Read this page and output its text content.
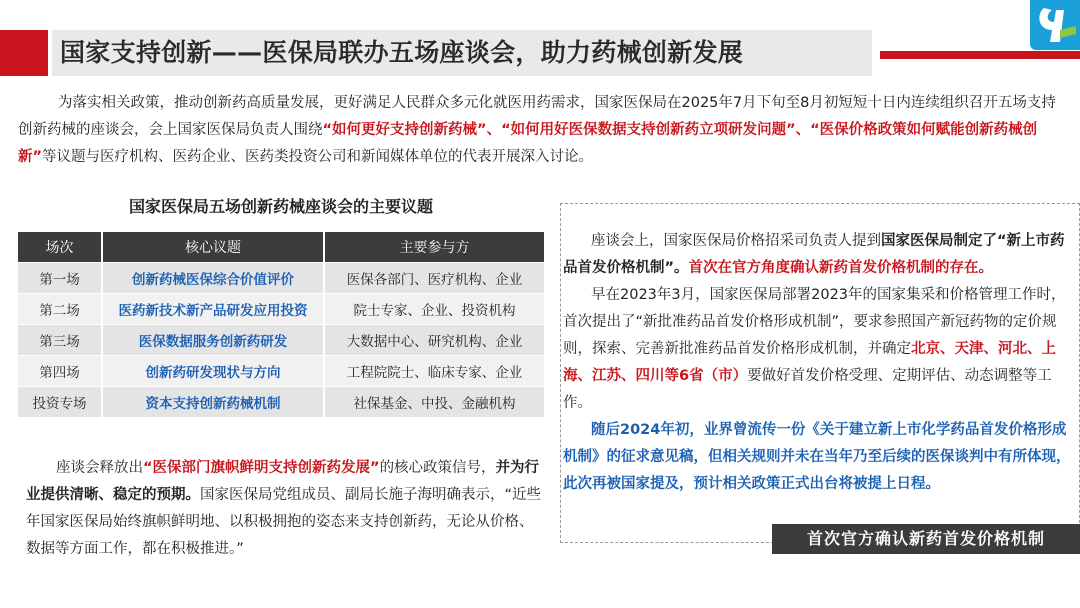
国家支持创新——医保局联办五场座谈会，助力药械创新发展
为落实相关政策，推动创新药高质量发展，更好满足人民群众多元化就医用药需求，国家医保局在2025年7月下旬至8月初短短十日内连续组织召开五场支持创新药械的座谈会，会上国家医保局负责人围绕“如何更好支持创新药械”、“如何用好医保数据支持创新药立项研发问题”、“医保价格政策如何赋能创新药械创新”等议题与医疗机构、医药企业、医药类投资公司和新闻媒体单位的代表开展深入讨论。
国家医保局五场创新药械座谈会的主要议题
场次	核心议题	主要参与方
第一场	创新药械医保综合价值评价	医保各部门、医疗机构、企业
第二场	医药新技术新产品研发应用投资	院士专家、企业、投资机构
第三场	医保数据服务创新药研发	大数据中心、研究机构、企业
第四场	创新药研发现状与方向	工程院院士、临床专家、企业
投资专场	资本支持创新药械机制	社保基金、中投、金融机构
座谈会释放出“医保部门旗帜鲜明支持创新药发展”的核心政策信号，并为行业提供清晰、稳定的预期。国家医保局党组成员、副局长施子海明确表示，“近些年国家医保局始终旗帜鲜明地、以积极拥抱的姿态来支持创新药，无论从价格、数据等方面工作，都在积极推进。”

座谈会上，国家医保局价格招采司负责人提到国家医保局制定了“新上市药品首发价格机制”。首次在官方角度确认新药首发价格机制的存在。

早在2023年3月，国家医保局部署2023年的国家集采和价格管理工作时，首次提出了“新批准药品首发价格形成机制”，要求参照国产新冠药物的定价规则，探索、完善新批准药品首发价格形成机制，并确定北京、天津、河北、上海、江苏、四川等6省（市）要做好首发价格受理、定期评估、动态调整等工作。

随后2024年初，业界曾流传一份《关于建立新上市化学药品首发价格形成机制》的征求意见稿，但相关规则并未在当年乃至后续的医保谈判中有所体现，此次再被国家提及，预计相关政策正式出台将被提上日程。

首次官方确认新药首发价格机制
